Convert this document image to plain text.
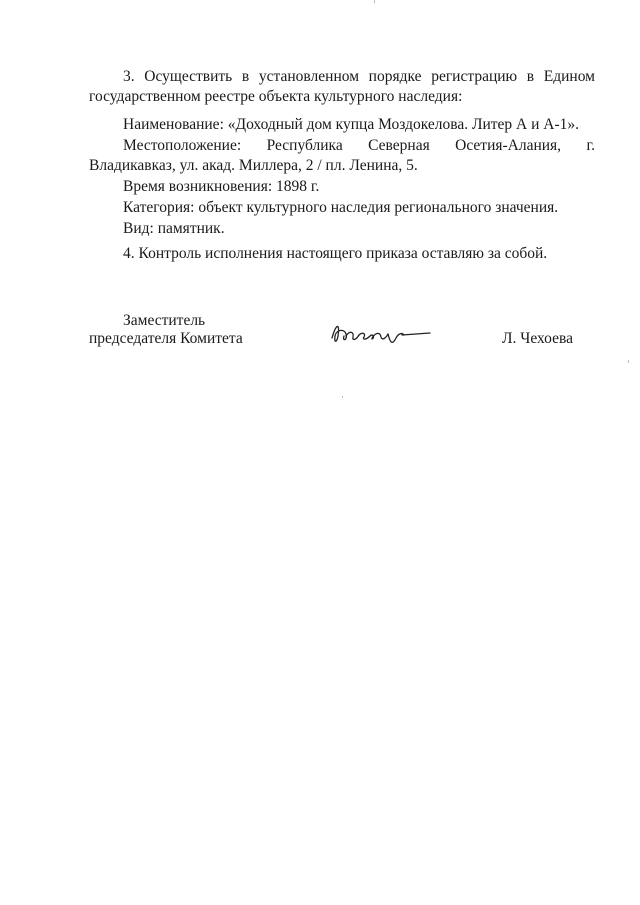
3. Осуществить в установленном порядке регистрацию в Едином государственном реестре объекта культурного наследия:

Наименование: «Доходный дом купца Моздокелова. Литер А и А-1».

Местоположение: Республика Северная Осетия-Алания, г. Владикавказ, ул. акад. Миллера, 2 / пл. Ленина, 5.

Время возникновения: 1898 г.

Категория: объект культурного наследия регионального значения.

Вид: памятник.

4. Контроль исполнения настоящего приказа оставляю за собой.

Заместитель
председателя Комитета	Л. Чехоева
